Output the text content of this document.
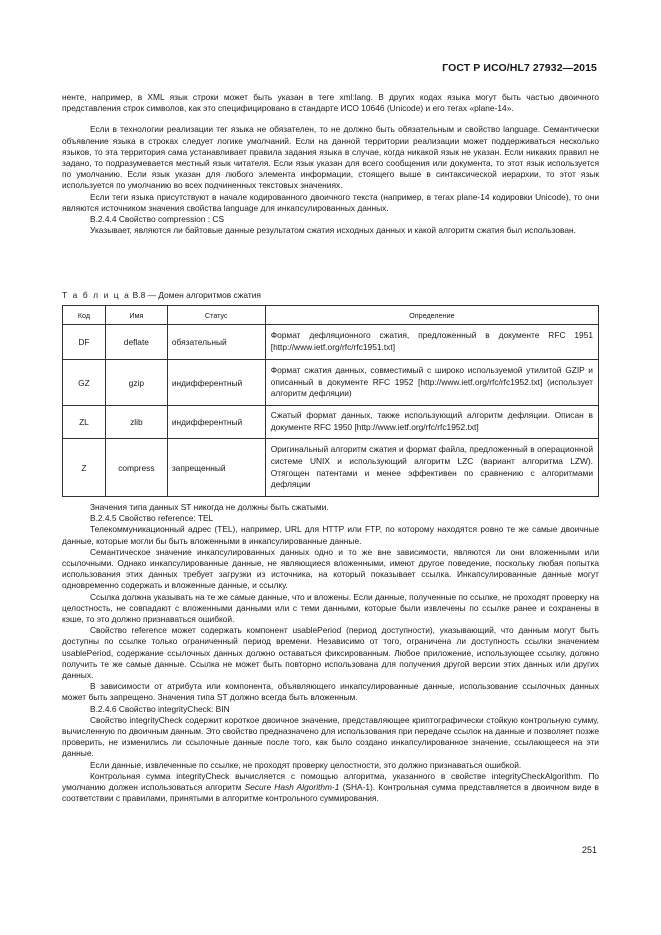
ГОСТ Р ИСО/HL7 27932—2015

ненте, например, в XML язык строки может быть указан в теге xml:lang. В других кодах языка могут быть частью двоичного представления строк символов, как это специфицировано в стандарте ИСО 10646 (Unicode) и его тегах «plane-14».

Если в технологии реализации тег языка не обязателен, то не должно быть обязательным и свойство language. Семантически объявление языка в строках следует логике умолчаний. Если на данной территории реализации может поддерживаться несколько языков, то эта территория сама устанавливает правила задания языка в случае, когда никакой язык не указан. Если никаких правил не задано, то подразумевается местный язык читателя. Если язык указан для всего сообщения или документа, то этот язык используется по умолчанию. Если язык указан для любого элемента информации, стоящего выше в синтаксической иерархии, то этот язык используется по умолчанию во всех подчиненных текстовых значениях.

Если теги языка присутствуют в начале кодированного двоичного текста (например, в тегах plane-14 кодировки Unicode), то они являются источником значения свойства language для инкапсулированных данных.

B.2.4.4 Свойство compression : CS

Указывает, являются ли байтовые данные результатом сжатия исходных данных и какой алгоритм сжатия был использован.

Т а б л и ц а В.8 — Домен алгоритмов сжатия
Код	Имя	Статус	Определение
DF	deflate	обязательный	Формат дефляционного сжатия, предложенный в документе RFC 1951 [http://www.ietf.org/rfc/rfc1951.txt]
GZ	gzip	индифферентный	Формат сжатия данных, совместимый с широко используемой утилитой GZIP и описанный в документе RFC 1952 [http://www.ietf.org/rfc/rfc1952.txt] (использует алгоритм дефляции)
ZL	zlib	индифферентный	Сжатый формат данных, также использующий алгоритм дефляции. Описан в документе RFC 1950 [http://www.ietf.org/rfc/rfc1952.txt]
Z	compress	запрещенный	Оригинальный алгоритм сжатия и формат файла, предложенный в операционной системе UNIX и использующий алгоритм LZC (вариант алгоритма LZW). Отягощен патентами и менее эффективен по сравнению с алгоритмами дефляции

Значения типа данных ST никогда не должны быть сжатыми.

B.2.4.5 Свойство reference: TEL

Телекоммуникационный адрес (TEL), например, URL для HTTP или FTP, по которому находятся ровно те же самые двоичные данные, которые могли бы быть вложенными в инкапсулированные данные.

Семантическое значение инкапсулированных данных одно и то же вне зависимости, являются ли они вложенными или ссылочными. Однако инкапсулированные данные, не являющиеся вложенными, имеют другое поведение, поскольку любая попытка использования этих данных требует загрузки из источника, на который показывает ссылка. Инкапсулированные данные могут одновременно содержать и вложенные данные, и ссылку.

Ссылка должна указывать на те же самые данные, что и вложены. Если данные, полученные по ссылке, не проходят проверку на целостность, не совпадают с вложенными данными или с теми данными, которые были извлечены по ссылке ранее и сохранены в кэше, то это должно признаваться ошибкой.

Свойство reference может содержать компонент usablePeriod (период доступности), указывающий, что данным могут быть доступны по ссылке только ограниченный период времени. Независимо от того, ограничена ли доступность ссылки значением usablePeriod, содержание ссылочных данных должно оставаться фиксированным. Любое приложение, использующее ссылку, должно получить те же самые данные. Ссылка не может быть повторно использована для получения другой версии этих данных или других данных.

В зависимости от атрибута или компонента, объявляющего инкапсулированные данные, использование ссылочных данных может быть запрещено. Значения типа ST должно всегда быть вложенным.

B.2.4.6 Свойство integrityCheck: BIN

Свойство integrityCheck содержит короткое двоичное значение, представляющее криптографически стойкую контрольную сумму, вычисленную по двоичным данным. Это свойство предназначено для использования при передаче ссылок на данные и позволяет позже проверить, не изменились ли ссылочные данные после того, как было создано инкапсулированное значение, ссылающееся на эти данные.

Если данные, извлеченные по ссылке, не проходят проверку целостности, это должно признаваться ошибкой.

Контрольная сумма integrityCheck вычисляется с помощью алгоритма, указанного в свойстве integrityCheckAlgorithm. По умолчанию должен использоваться алгоритм Secure Hash Algorithm-1 (SHA-1). Контрольная сумма представляется в двоичном виде в соответствии с правилами, принятыми в алгоритме контрольного суммирования.

251
